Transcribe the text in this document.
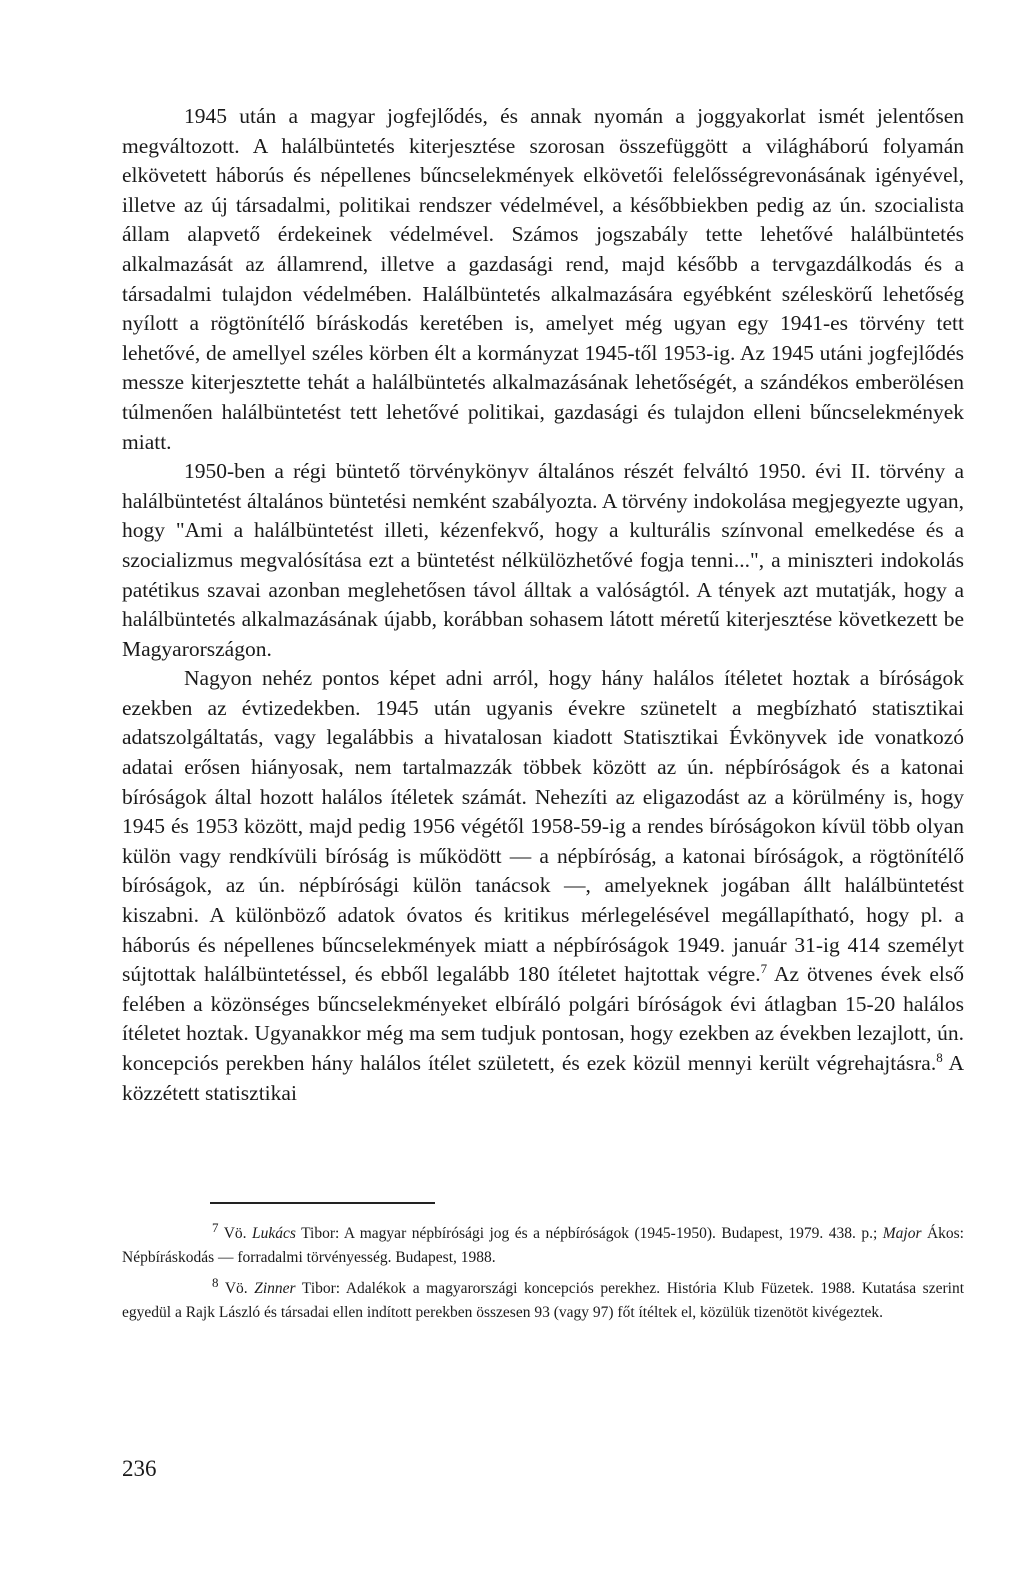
1945 után a magyar jogfejlődés, és annak nyomán a joggyakorlat ismét jelentősen megváltozott. A halálbüntetés kiterjesztése szorosan összefüggött a világháború folyamán elkövetett háborús és népellenes bűncselekmények elkövetői felelősségrevonásának igényével, illetve az új társadalmi, politikai rendszer védelmével, a későbbiekben pedig az ún. szocialista állam alapvető érdekeinek védelmével. Számos jogszabály tette lehetővé halálbüntetés alkalmazását az államrend, illetve a gazdasági rend, majd később a tervgazdálkodás és a társadalmi tulajdon védelmében. Halálbüntetés alkalmazására egyébként széleskörű lehetőség nyílott a rögtönítélő bíráskodás keretében is, amelyet még ugyan egy 1941-es törvény tett lehetővé, de amellyel széles körben élt a kormányzat 1945-től 1953-ig. Az 1945 utáni jogfejlődés messze kiterjesztette tehát a halálbüntetés alkalmazásának lehetőségét, a szándékos emberölésen túlmenően halálbüntetést tett lehetővé politikai, gazdasági és tulajdon elleni bűncselekmények miatt.

1950-ben a régi büntető törvénykönyv általános részét felváltó 1950. évi II. törvény a halálbüntetést általános büntetési nemként szabályozta. A törvény indokolása megjegyezte ugyan, hogy "Ami a halálbüntetést illeti, kézenfekvő, hogy a kulturális színvonal emelkedése és a szocializmus megvalósítása ezt a büntetést nélkülözhetővé fogja tenni...", a miniszteri indokolás patétikus szavai azonban meglehetősen távol álltak a valóságtól. A tények azt mutatják, hogy a halálbüntetés alkalmazásának újabb, korábban sohasem látott méretű kiterjesztése következett be Magyarországon.

Nagyon nehéz pontos képet adni arról, hogy hány halálos ítéletet hoztak a bíróságok ezekben az évtizedekben. 1945 után ugyanis évekre szünetelt a megbízható statisztikai adatszolgáltatás, vagy legalábbis a hivatalosan kiadott Statisztikai Évkönyvek ide vonatkozó adatai erősen hiányosak, nem tartalmazzák többek között az ún. népbíróságok és a katonai bíróságok által hozott halálos ítéletek számát. Nehezíti az eligazodást az a körülmény is, hogy 1945 és 1953 között, majd pedig 1956 végétől 1958-59-ig a rendes bíróságokon kívül több olyan külön vagy rendkívüli bíróság is működött — a népbíróság, a katonai bíróságok, a rögtönítélő bíróságok, az ún. népbírósági külön tanácsok —, amelyeknek jogában állt halálbüntetést kiszabni. A különböző adatok óvatos és kritikus mérlegelésével megállapítható, hogy pl. a háborús és népellenes bűncselekmények miatt a népbíróságok 1949. január 31-ig 414 személyt sújtottak halálbüntetéssel, és ebből legalább 180 ítéletet hajtottak végre.$^7$ Az ötvenes évek első felében a közönséges bűncselekményeket elbíráló polgári bíróságok évi átlagban 15-20 halálos ítéletet hoztak. Ugyanakkor még ma sem tudjuk pontosan, hogy ezekben az években lezajlott, ún. koncepciós perekben hány halálos ítélet született, és ezek közül mennyi került végrehajtásra.$^8$ A közzétett statisztikai

$^7$ Vö. Lukács Tibor: A magyar népbírósági jog és a népbíróságok (1945-1950). Budapest, 1979. 438. p.; Major Ákos: Népbíráskodás — forradalmi törvényesség. Budapest, 1988.

$^8$ Vö. Zinner Tibor: Adalékok a magyarországi koncepciós perekhez. História Klub Füzetek. 1988. Kutatása szerint egyedül a Rajk László és társadai ellen indított perekben összesen 93 (vagy 97) főt ítéltek el, közülük tizenötöt kivégeztek.

236
